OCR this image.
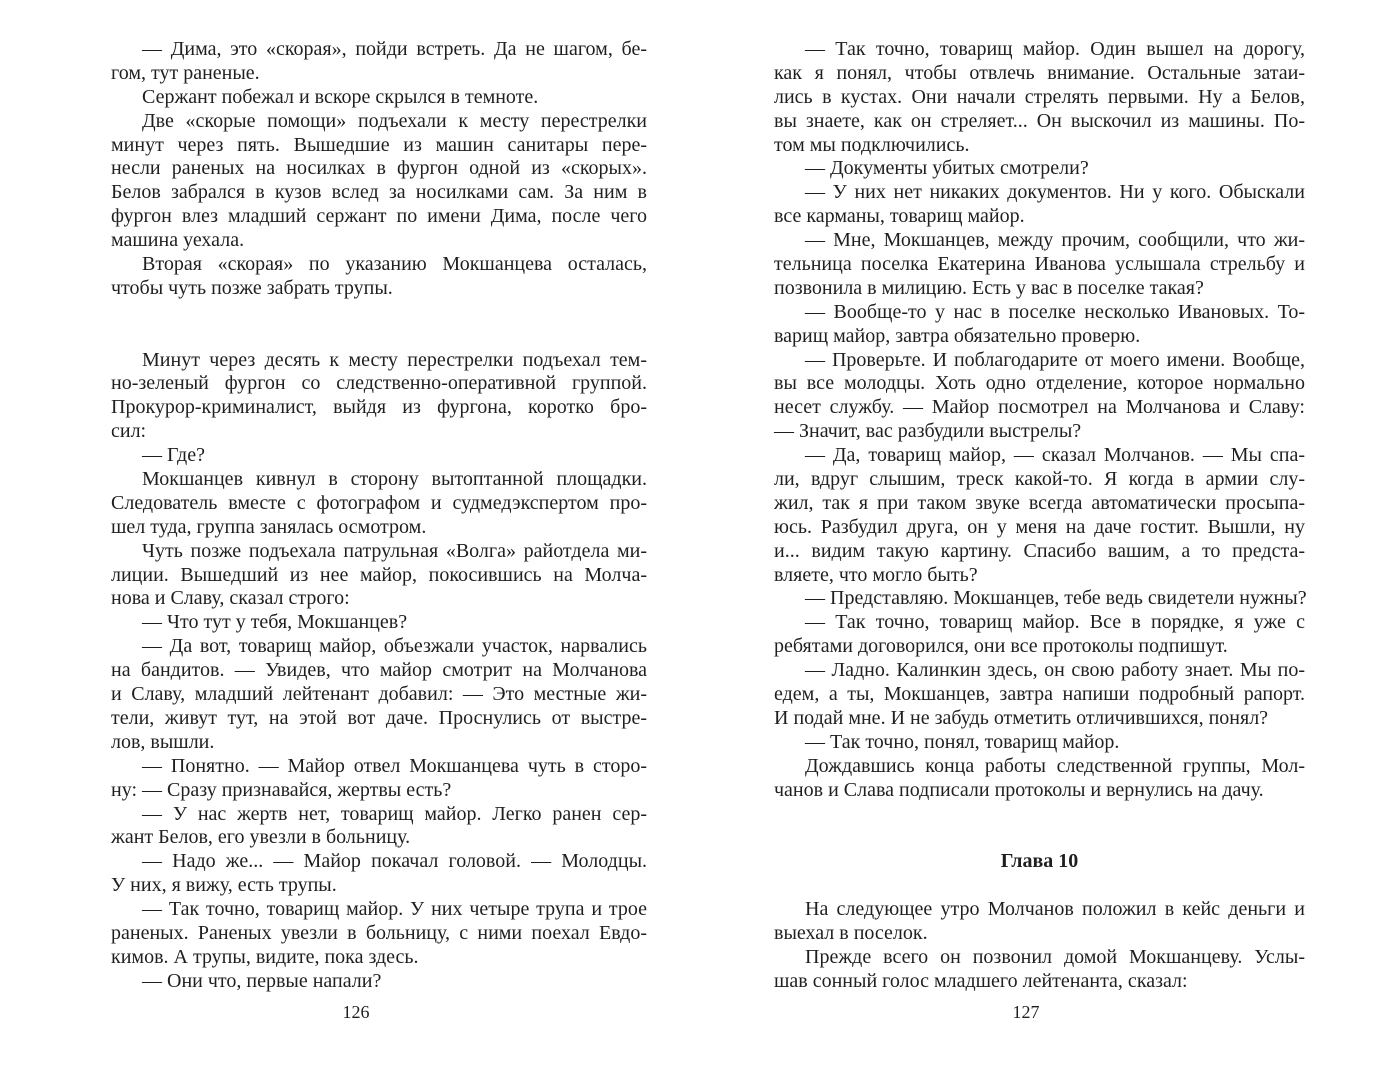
— Дима, это «скорая», пойди встреть. Да не шагом, бе-
гом, тут раненые.
Сержант побежал и вскоре скрылся в темноте.
Две «скорые помощи» подъехали к месту перестрелки
минут через пять. Вышедшие из машин санитары пере-
несли раненых на носилках в фургон одной из «скорых».
Белов забрался в кузов вслед за носилками сам. За ним в
фургон влез младший сержант по имени Дима, после чего
машина уехала.
Вторая «скорая» по указанию Мокшанцева осталась,
чтобы чуть позже забрать трупы.
Минут через десять к месту перестрелки подъехал тем-
но-зеленый фургон со следственно-оперативной группой.
Прокурор-криминалист, выйдя из фургона, коротко бро-
сил:
— Где?
Мокшанцев кивнул в сторону вытоптанной площадки.
Следователь вместе с фотографом и судмедэкспертом про-
шел туда, группа занялась осмотром.
Чуть позже подъехала патрульная «Волга» райотдела ми-
лиции. Вышедший из нее майор, покосившись на Молча-
нова и Славу, сказал строго:
— Что тут у тебя, Мокшанцев?
— Да вот, товарищ майор, объезжали участок, нарвались
на бандитов. — Увидев, что майор смотрит на Молчанова
и Славу, младший лейтенант добавил: — Это местные жи-
тели, живут тут, на этой вот даче. Проснулись от выстре-
лов, вышли.
— Понятно. — Майор отвел Мокшанцева чуть в сторо-
ну: — Сразу признавайся, жертвы есть?
— У нас жертв нет, товарищ майор. Легко ранен сер-
жант Белов, его увезли в больницу.
— Надо же... — Майор покачал головой. — Молодцы.
У них, я вижу, есть трупы.
— Так точно, товарищ майор. У них четыре трупа и трое
раненых. Раненых увезли в больницу, с ними поехал Евдо-
кимов. А трупы, видите, пока здесь.
— Они что, первые напали?
— Так точно, товарищ майор. Один вышел на дорогу,
как я понял, чтобы отвлечь внимание. Остальные затаи-
лись в кустах. Они начали стрелять первыми. Ну а Белов,
вы знаете, как он стреляет... Он выскочил из машины. По-
том мы подключились.
— Документы убитых смотрели?
— У них нет никаких документов. Ни у кого. Обыскали
все карманы, товарищ майор.
— Мне, Мокшанцев, между прочим, сообщили, что жи-
тельница поселка Екатерина Иванова услышала стрельбу и
позвонила в милицию. Есть у вас в поселке такая?
— Вообще-то у нас в поселке несколько Ивановых. То-
варищ майор, завтра обязательно проверю.
— Проверьте. И поблагодарите от моего имени. Вообще,
вы все молодцы. Хоть одно отделение, которое нормально
несет службу. — Майор посмотрел на Молчанова и Славу:
— Значит, вас разбудили выстрелы?
— Да, товарищ майор, — сказал Молчанов. — Мы спа-
ли, вдруг слышим, треск какой-то. Я когда в армии слу-
жил, так я при таком звуке всегда автоматически просыпа-
юсь. Разбудил друга, он у меня на даче гостит. Вышли, ну
и... видим такую картину. Спасибо вашим, а то предста-
вляете, что могло быть?
— Представляю. Мокшанцев, тебе ведь свидетели нужны?
— Так точно, товарищ майор. Все в порядке, я уже с
ребятами договорился, они все протоколы подпишут.
— Ладно. Калинкин здесь, он свою работу знает. Мы по-
едем, а ты, Мокшанцев, завтра напиши подробный рапорт.
И подай мне. И не забудь отметить отличившихся, понял?
— Так точно, понял, товарищ майор.
Дождавшись конца работы следственной группы, Мол-
чанов и Слава подписали протоколы и вернулись на дачу.
Глава 10
На следующее утро Молчанов положил в кейс деньги и
выехал в поселок.
Прежде всего он позвонил домой Мокшанцеву. Услы-
шав сонный голос младшего лейтенанта, сказал:
126	127
